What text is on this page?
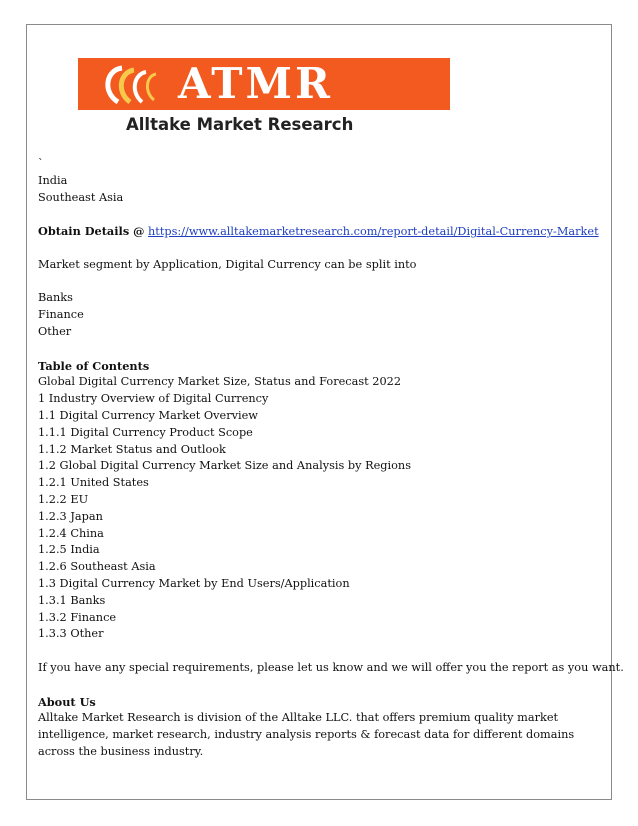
ATMR
Alltake Market Research
`
India
Southeast Asia
Obtain Details @ https://www.alltakemarketresearch.com/report-detail/Digital-Currency-Market
Market segment by Application, Digital Currency can be split into
Banks
Finance
Other
Table of Contents
Global Digital Currency Market Size, Status and Forecast 2022
1 Industry Overview of Digital Currency
1.1 Digital Currency Market Overview
1.1.1 Digital Currency Product Scope
1.1.2 Market Status and Outlook
1.2 Global Digital Currency Market Size and Analysis by Regions
1.2.1 United States
1.2.2 EU
1.2.3 Japan
1.2.4 China
1.2.5 India
1.2.6 Southeast Asia
1.3 Digital Currency Market by End Users/Application
1.3.1 Banks
1.3.2 Finance
1.3.3 Other
If you have any special requirements, please let us know and we will offer you the report as you want.
About Us
Alltake Market Research is division of the Alltake LLC. that offers premium quality market intelligence, market research, industry analysis reports & forecast data for different domains across the business industry.
